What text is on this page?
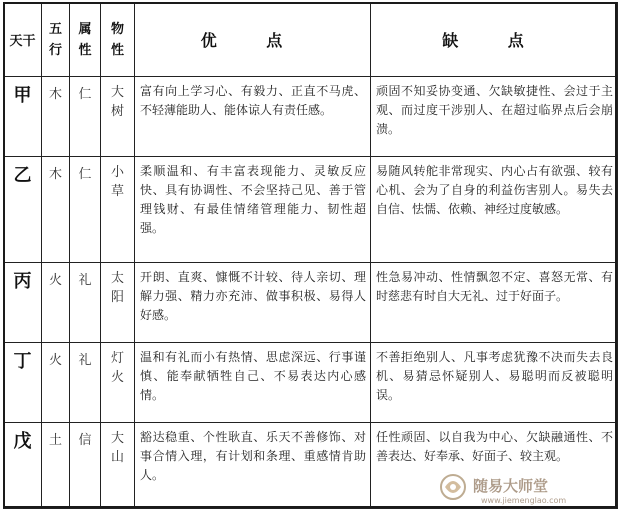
天干	五行	属性	物性	优 点	缺 点
甲	木	仁	大树	富有向上学习心、有毅力、正直不马虎、不轻薄能助人、能体谅人有责任感。	顽固不知妥协变通、欠缺敏捷性、会过于主观、而过度干涉别人、在超过临界点后会崩溃。
乙	木	仁	小草	柔顺温和、有丰富表现能力、灵敏反应快、具有协调性、不会坚持己见、善于管理钱财、有最佳情绪管理能力、韧性超强。	易随风转舵非常现实、内心占有欲强、较有心机、会为了自身的利益伤害别人。易失去自信、怯懦、依赖、神经过度敏感。
丙	火	礼	太阳	开朗、直爽、慷慨不计较、待人亲切、理解力强、精力亦充沛、做事积极、易得人好感。	性急易冲动、性情飘忽不定、喜怒无常、有时慈悲有时自大无礼、过于好面子。
丁	火	礼	灯火	温和有礼而小有热情、思虑深远、行事谨慎、能奉献牺牲自己、不易表达内心感情。	不善拒绝别人、凡事考虑犹豫不决而失去良机、易猜忌怀疑别人、易聪明而反被聪明误。
戊	土	信	大山	豁达稳重、个性耿直、乐天不善修饰、对事合情入理，有计划和条理、重感情肯助人。	任性顽固、以自我为中心、欠缺融通性、不善表达、好奉承、好面子、较主观。
随易大师堂
www.jiemenglao.com
